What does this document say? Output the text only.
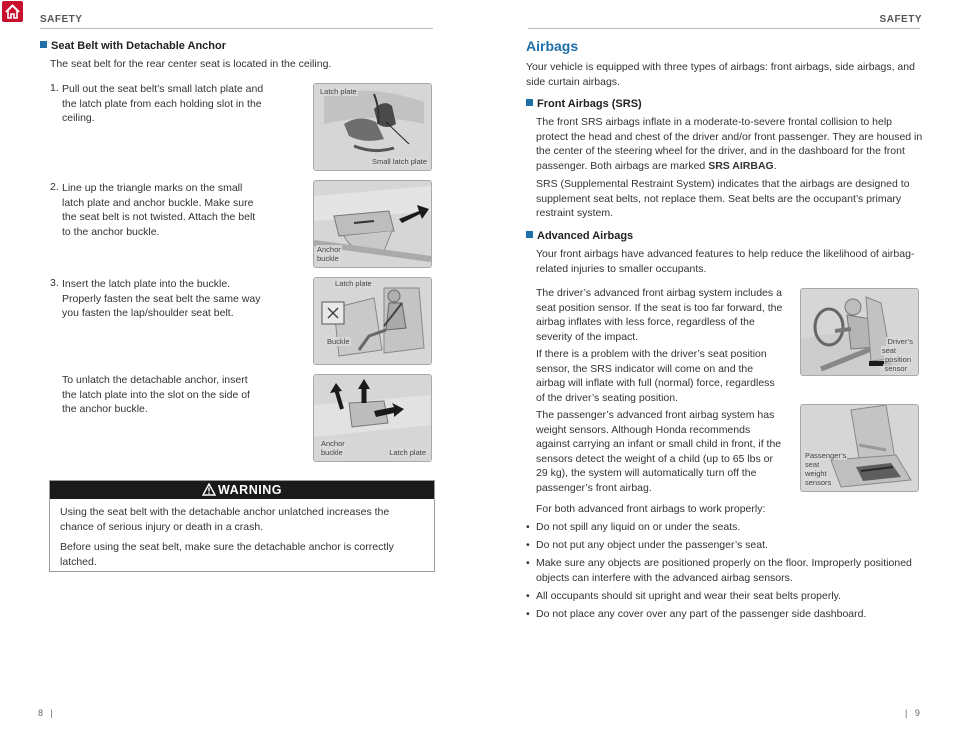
SAFETY
Seat Belt with Detachable Anchor

The seat belt for the rear center seat is located in the ceiling.

1. Pull out the seat belt’s small latch plate and
the latch plate from each holding slot in the
ceiling.

2. Line up the triangle marks on the small
latch plate and anchor buckle. Make sure
the seat belt is not twisted. Attach the belt
to the anchor buckle.

3. Insert the latch plate into the buckle.
Properly fasten the seat belt the same way
you fasten the lap/shoulder seat belt.

To unlatch the detachable anchor, insert
the latch plate into the slot on the side of
the anchor buckle.

Latch plate
Small latch plate
Anchor
buckle
Latch plate
Buckle
Anchor
buckle	Latch plate
WARNING

Using the seat belt with the detachable anchor unlatched increases the chance of serious injury or death in a crash.

Before using the seat belt, make sure the detachable anchor is correctly latched.

8 |
SAFETY
Airbags

Your vehicle is equipped with three types of airbags: front airbags, side airbags, and side curtain airbags.

Front Airbags (SRS)

The front SRS airbags inflate in a moderate-to-severe frontal collision to help protect the head and chest of the driver and/or front passenger. They are housed in the center of the steering wheel for the driver, and in the dashboard for the front passenger. Both airbags are marked SRS AIRBAG.

SRS (Supplemental Restraint System) indicates that the airbags are designed to supplement seat belts, not replace them. Seat belts are the occupant’s primary restraint system.

Advanced Airbags

Your front airbags have advanced features to help reduce the likelihood of airbag-related injuries to smaller occupants.

The driver’s advanced front airbag system includes a seat position sensor. If the seat is too far forward, the airbag inflates with less force, regardless of the severity of the impact.

If there is a problem with the driver’s seat position sensor, the SRS indicator will come on and the airbag will inflate with full (normal) force, regardless of the driver’s seating position.

The passenger’s advanced front airbag system has weight sensors. Although Honda recommends against carrying an infant or small child in front, if the sensors detect the weight of a child (up to 65 lbs or 29 kg), the system will automatically turn off the passenger’s front airbag.

For both advanced front airbags to work properly:

Driver’s
seat
position
sensor
Passenger’s
seat
weight
sensors
• Do not spill any liquid on or under the seats.
• Do not put any object under the passenger’s seat.
• Make sure any objects are positioned properly on the floor. Improperly positioned objects can interfere with the advanced airbag sensors.
• All occupants should sit upright and wear their seat belts properly.
• Do not place any cover over any part of the passenger side dashboard.
| 9
